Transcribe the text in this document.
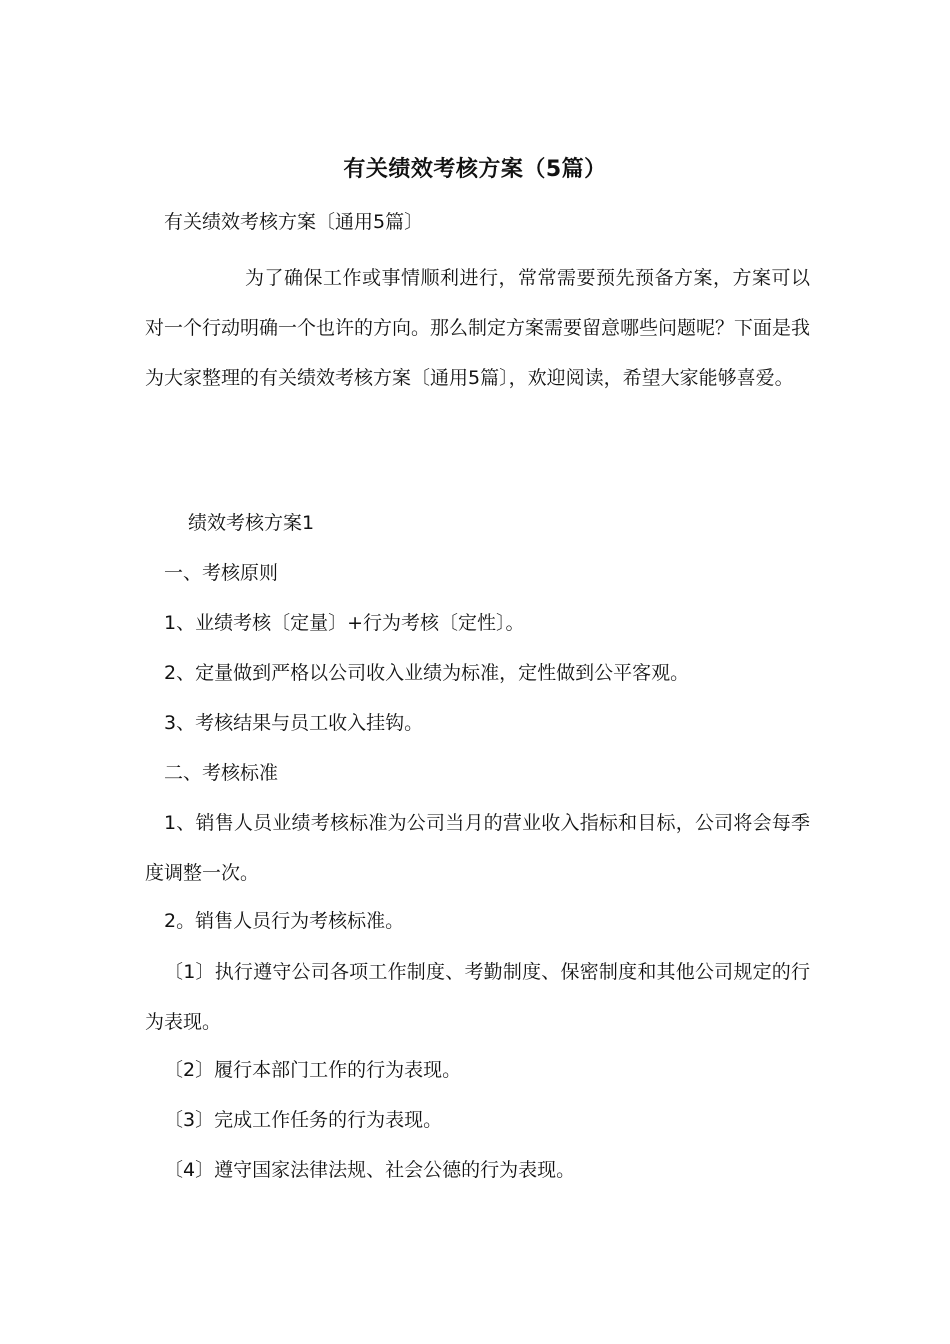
有关绩效考核方案（5篇）
有关绩效考核方案〔通用5篇〕
为了确保工作或事情顺利进行，常常需要预先预备方案，方案可以对一个行动明确一个也许的方向。那么制定方案需要留意哪些问题呢？下面是我为大家整理的有关绩效考核方案〔通用5篇〕，欢迎阅读，希望大家能够喜爱。
绩效考核方案1
一、考核原则
1、业绩考核〔定量〕+行为考核〔定性〕。
2、定量做到严格以公司收入业绩为标准，定性做到公平客观。
3、考核结果与员工收入挂钩。
二、考核标准
1、销售人员业绩考核标准为公司当月的营业收入指标和目标，公司将会每季度调整一次。
2。销售人员行为考核标准。
〔1〕执行遵守公司各项工作制度、考勤制度、保密制度和其他公司规定的行为表现。
〔2〕履行本部门工作的行为表现。
〔3〕完成工作任务的行为表现。
〔4〕遵守国家法律法规、社会公德的行为表现。
